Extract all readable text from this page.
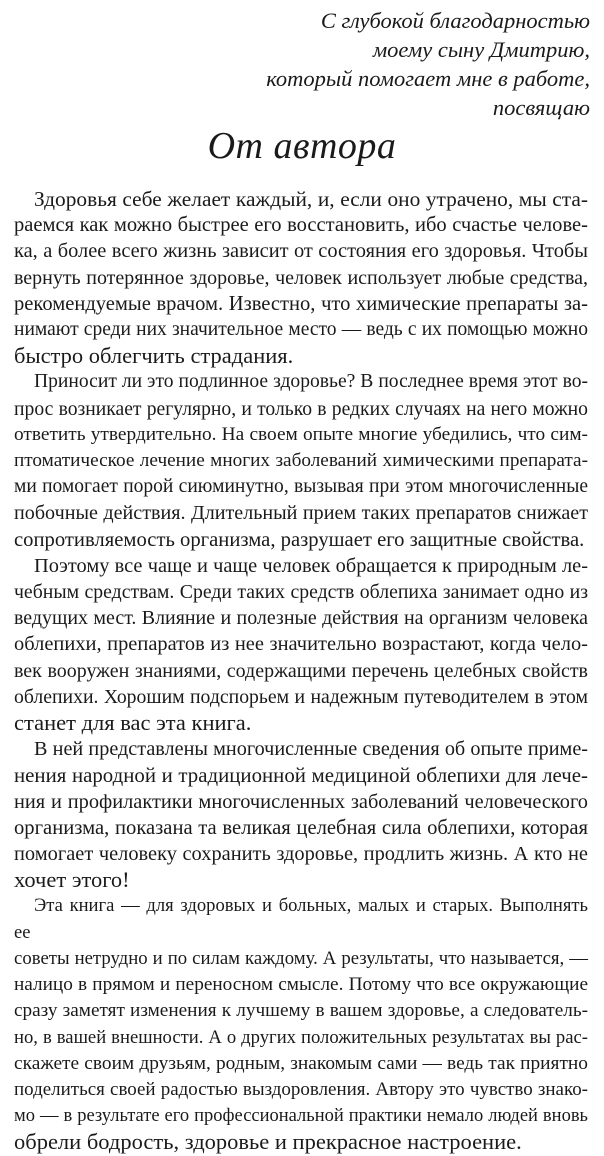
С глубокой благодарностью
моему сыну Дмитрию,
который помогает мне в работе,
посвящаю
От автора
Здоровья себе желает каждый, и, если оно утрачено, мы ста-
раемся как можно быстрее его восстановить, ибо счастье челове-
ка, а более всего жизнь зависит от состояния его здоровья. Чтобы
вернуть потерянное здоровье, человек использует любые средства,
рекомендуемые врачом. Известно, что химические препараты за-
нимают среди них значительное место — ведь с их помощью можно
быстро облегчить страдания.
Приносит ли это подлинное здоровье? В последнее время этот во-
прос возникает регулярно, и только в редких случаях на него можно
ответить утвердительно. На своем опыте многие убедились, что сим-
птоматическое лечение многих заболеваний химическими препарата-
ми помогает порой сиюминутно, вызывая при этом многочисленные
побочные действия. Длительный прием таких препаратов снижает
сопротивляемость организма, разрушает его защитные свойства.
Поэтому все чаще и чаще человек обращается к природным ле-
чебным средствам. Среди таких средств облепиха занимает одно из
ведущих мест. Влияние и полезные действия на организм человека
облепихи, препаратов из нее значительно возрастают, когда чело-
век вооружен знаниями, содержащими перечень целебных свойств
облепихи. Хорошим подспорьем и надежным путеводителем в этом
станет для вас эта книга.
В ней представлены многочисленные сведения об опыте приме-
нения народной и традиционной медициной облепихи для лече-
ния и профилактики многочисленных заболеваний человеческого
организма, показана та великая целебная сила облепихи, которая
помогает человеку сохранить здоровье, продлить жизнь. А кто не
хочет этого!
Эта книга — для здоровых и больных, малых и старых. Выполнять ее
советы нетрудно и по силам каждому. А результаты, что называется, —
налицо в прямом и переносном смысле. Потому что все окружающие
сразу заметят изменения к лучшему в вашем здоровье, а следователь-
но, в вашей внешности. А о других положительных результатах вы рас-
скажете своим друзьям, родным, знакомым сами — ведь так приятно
поделиться своей радостью выздоровления. Автору это чувство знако-
мо — в результате его профессиональной практики немало людей вновь
обрели бодрость, здоровье и прекрасное настроение.
